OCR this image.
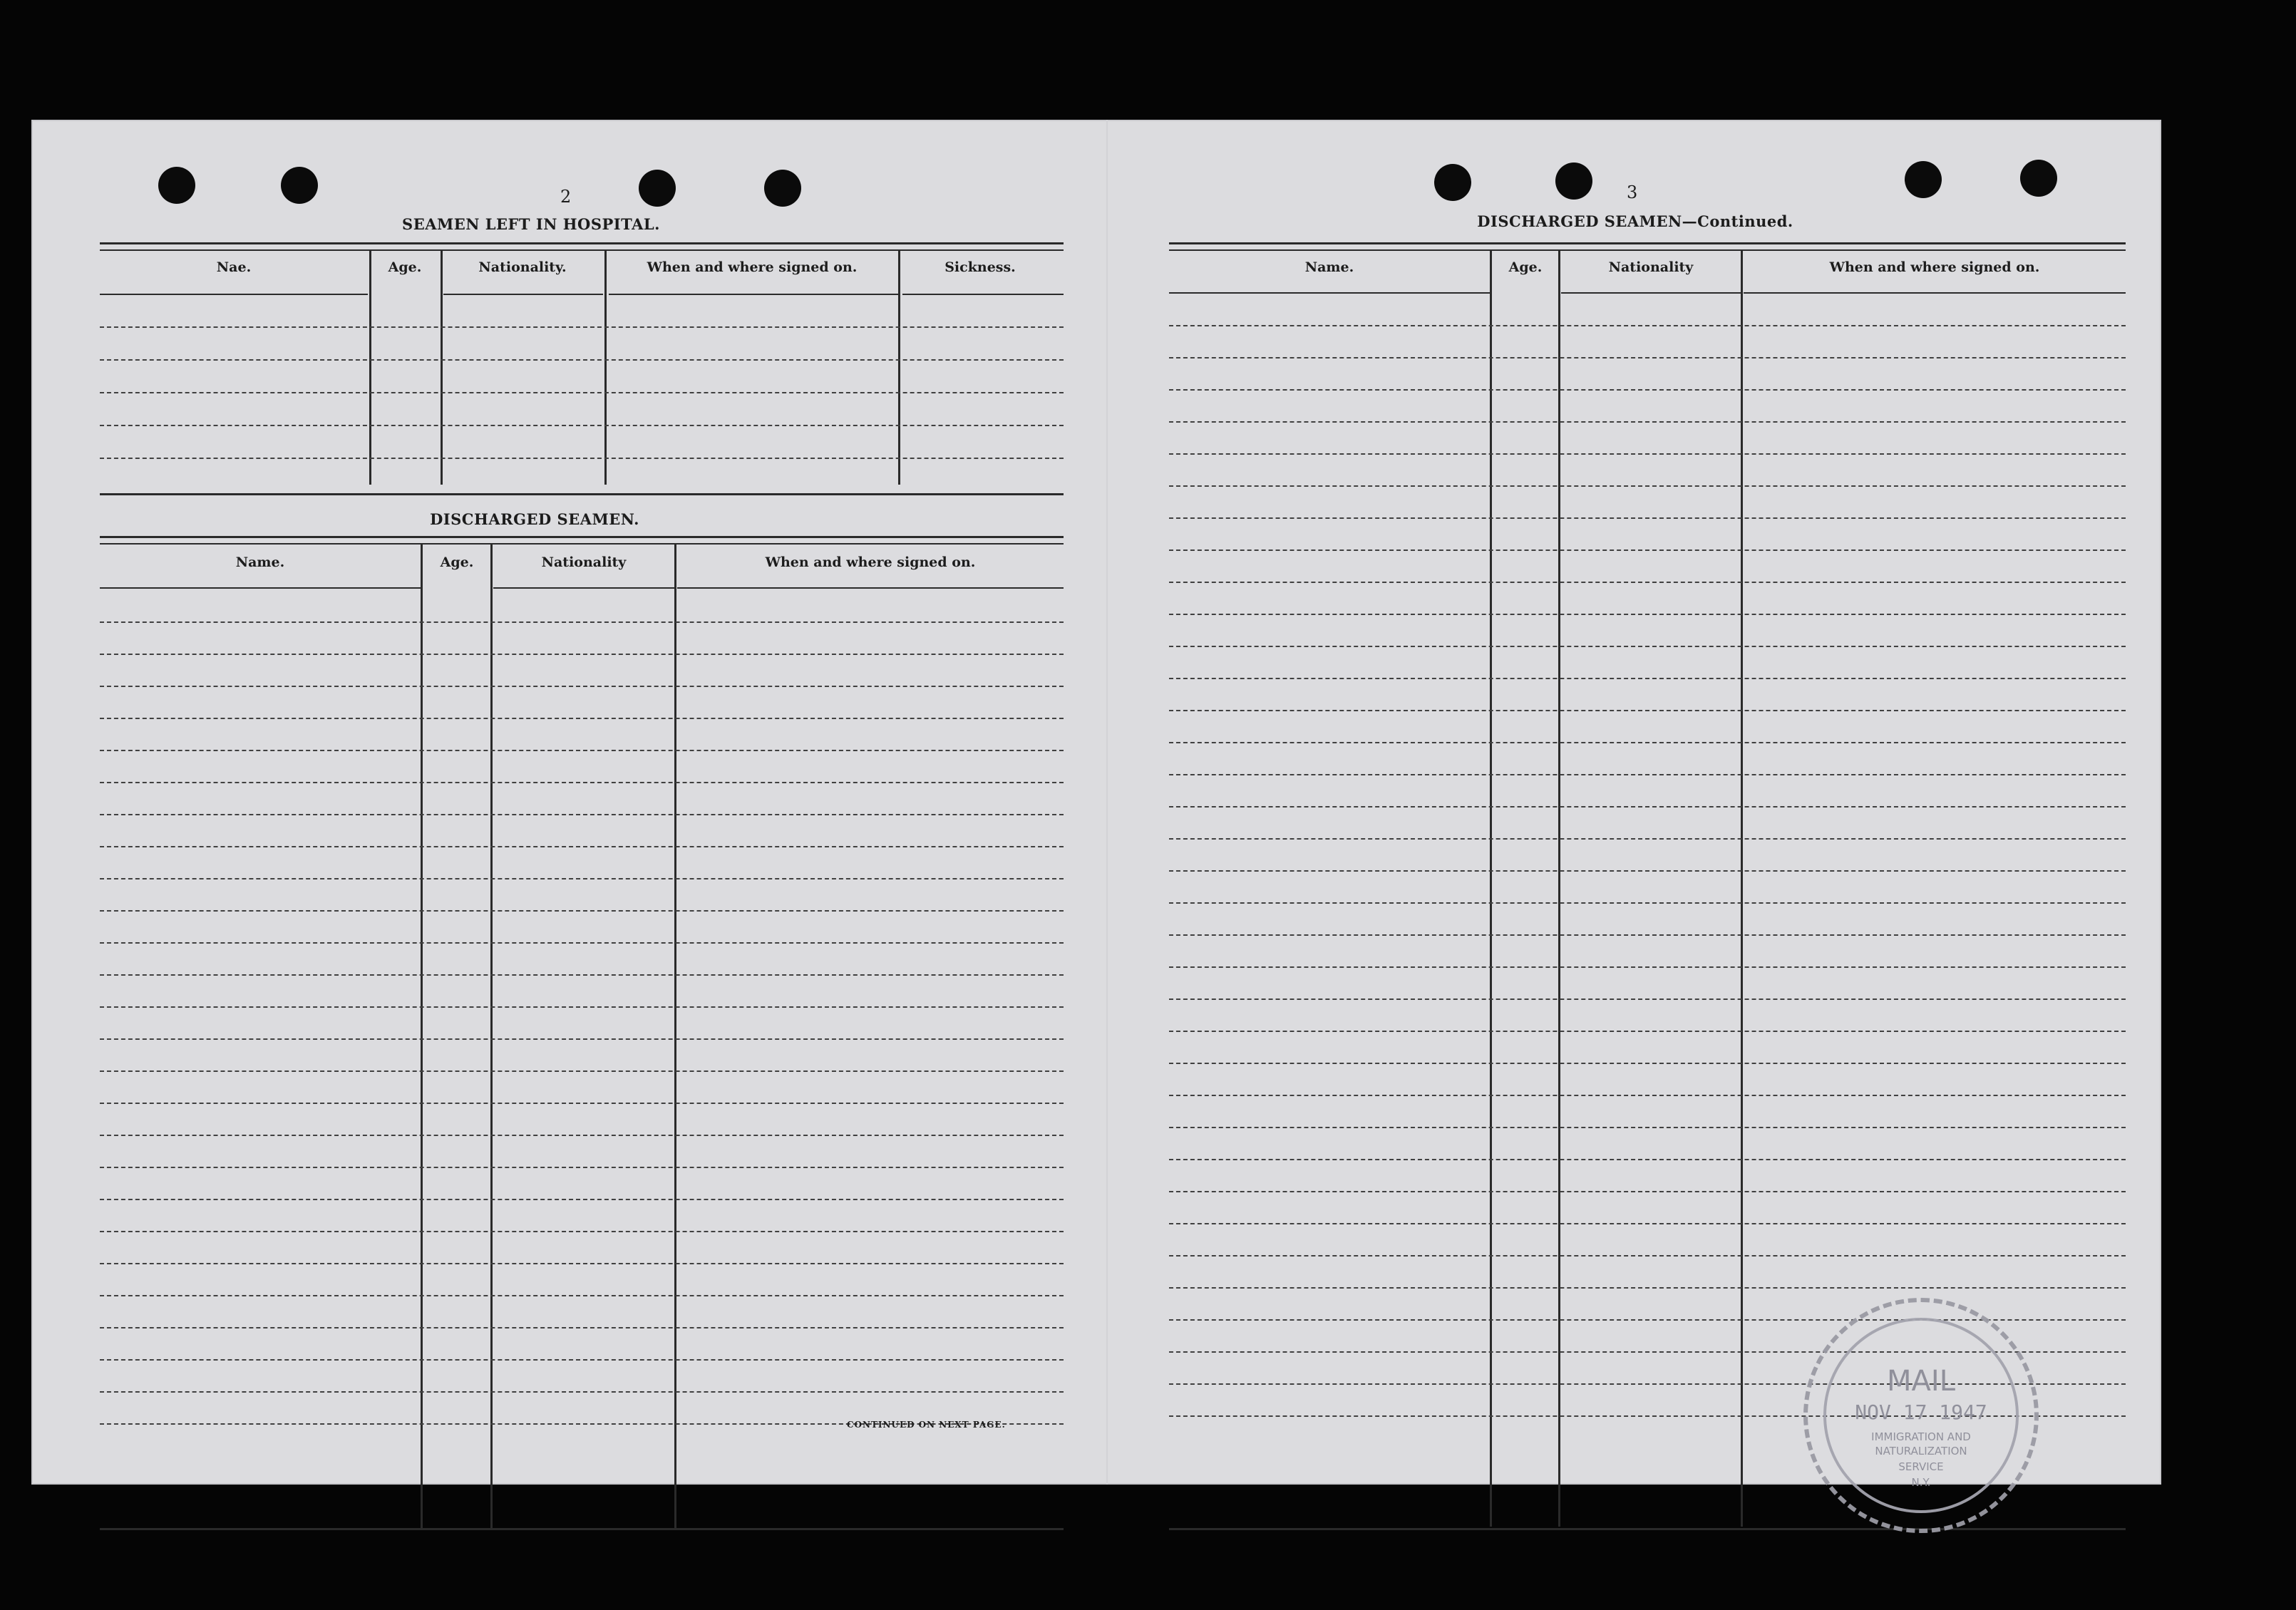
2
SEAMEN LEFT IN HOSPITAL.
Nae.	Age.	Nationality.	When and where signed on.	Sickness.
DISCHARGED SEAMEN.
Name.	Age.	Nationality	When and where signed on.
CONTINUED ON NEXT PAGE.
3
DISCHARGED SEAMEN—Continued.
Name.	Age.	Nationality	When and where signed on.
MAIL
NOV 17 1947
IMMIGRATION AND
NATURALIZATION
SERVICE
N.Y.
